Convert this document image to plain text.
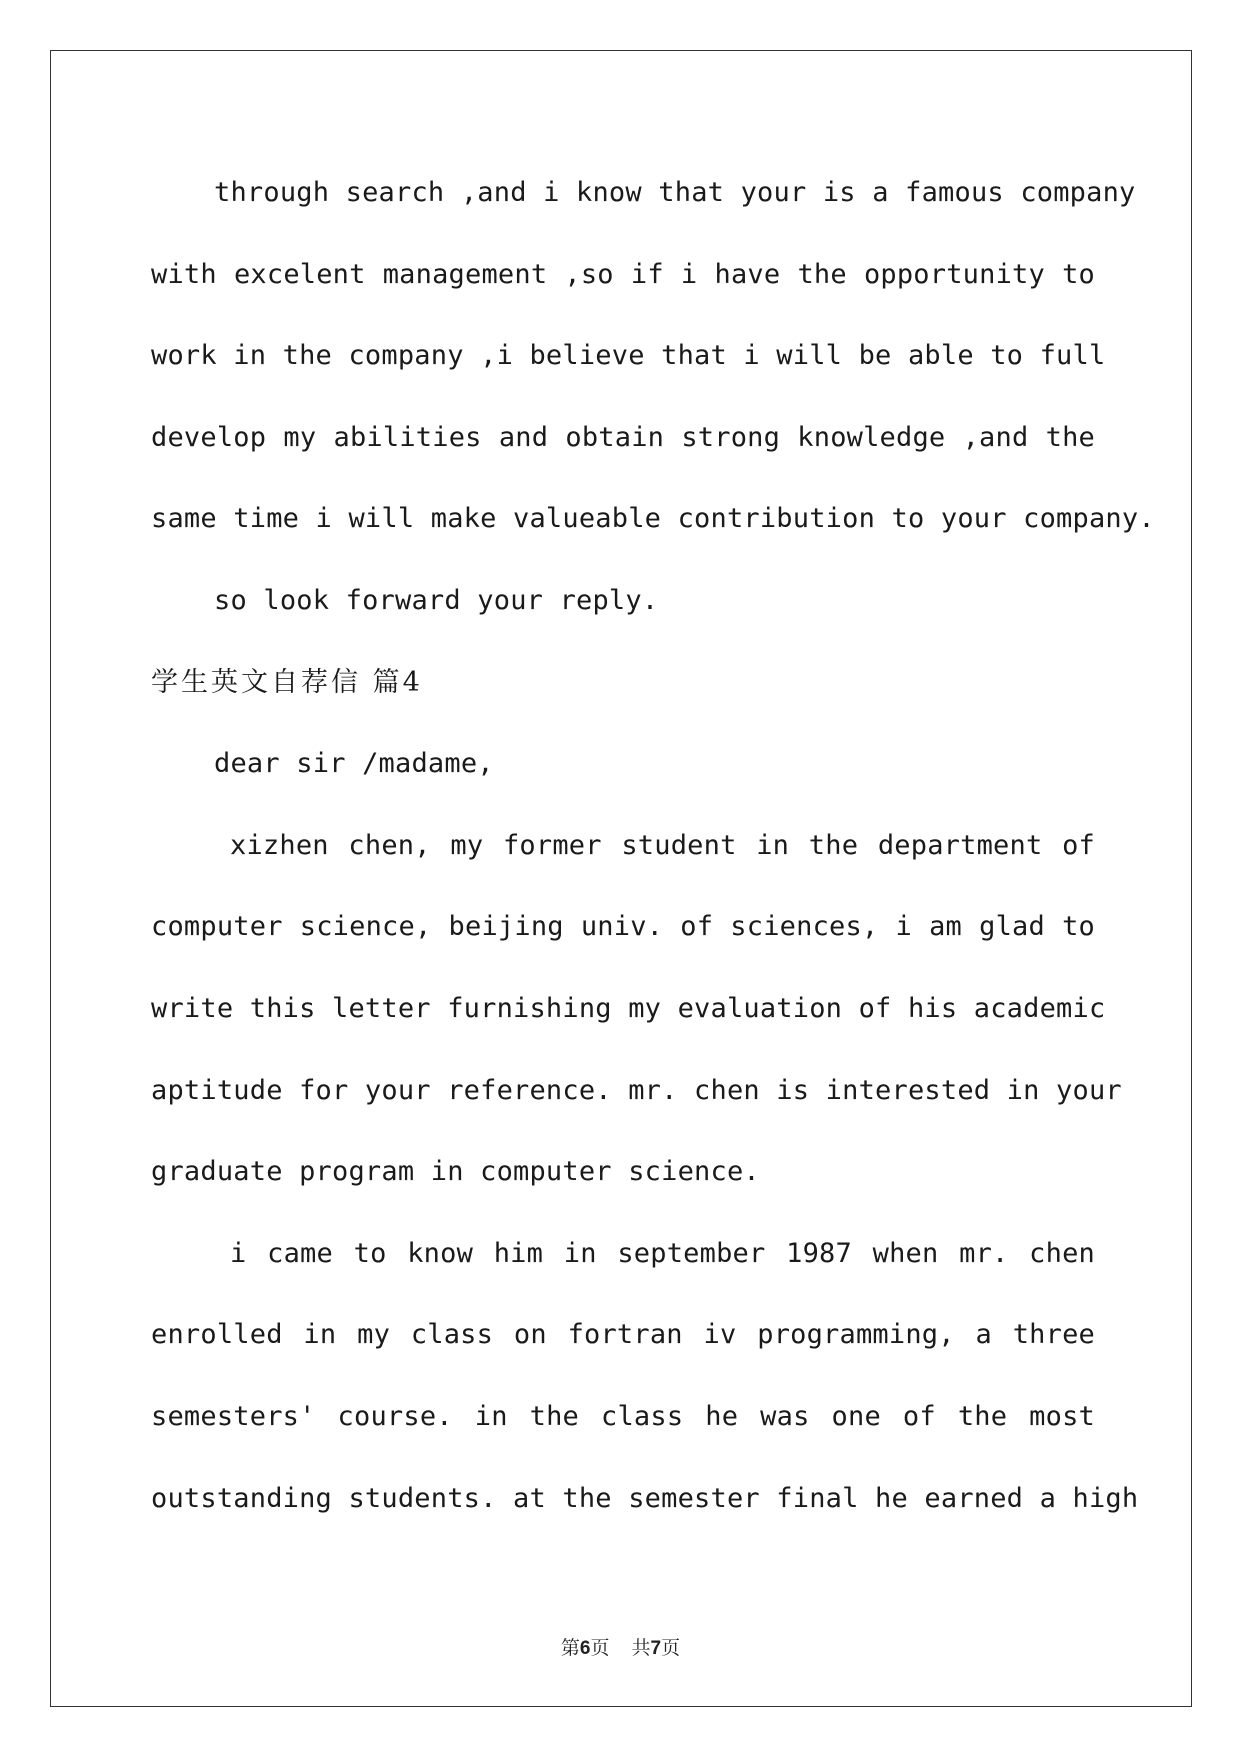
through search ,and i know that your is a famous company
with excelent management ,so if i have the opportunity to
work in the company ,i believe that i will be able to full
develop my abilities and obtain strong knowledge ,and the
same time i will make valueable contribution to your company.
so look forward your reply.
学生英文自荐信 篇4
dear sir /madame,
xizhen chen, my former student in the department of
computer science, beijing univ. of sciences, i am glad to
write this letter furnishing my evaluation of his academic
aptitude for your reference. mr. chen is interested in your
graduate program in computer science.
i came to know him in september 1987 when mr. chen
enrolled in my class on fortran iv programming, a three
semesters' course. in the class he was one of the most
outstanding students. at the semester final he earned a high
第6页 共7页
